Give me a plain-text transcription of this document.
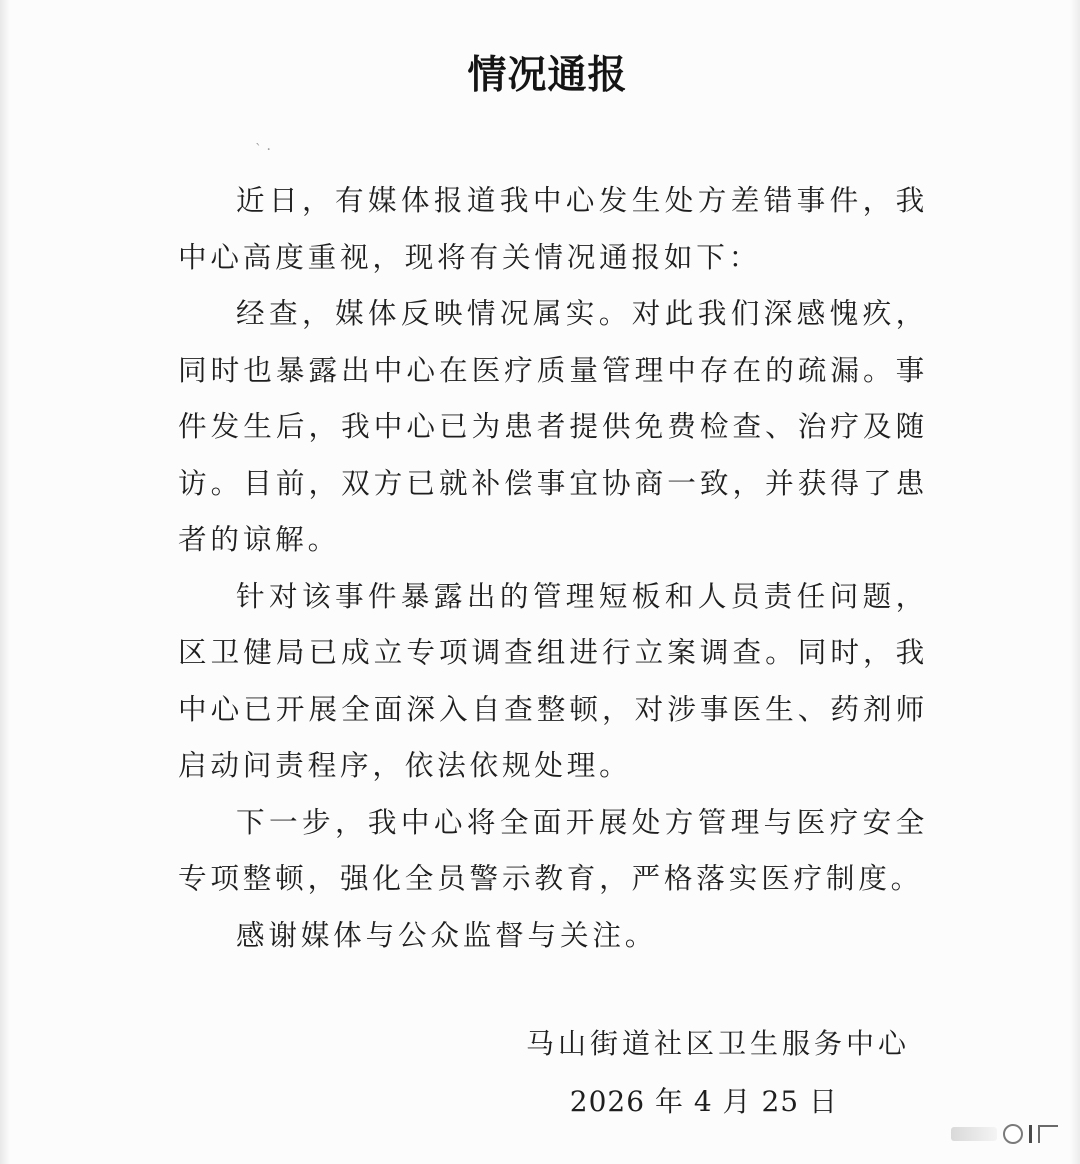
情况通报
ˋ ·

近日，有媒体报道我中心发生处方差错事件，我中心高度重视，现将有关情况通报如下：

经查，媒体反映情况属实。对此我们深感愧疚，同时也暴露出中心在医疗质量管理中存在的疏漏。事件发生后，我中心已为患者提供免费检查、治疗及随访。目前，双方已就补偿事宜协商一致，并获得了患者的谅解。

针对该事件暴露出的管理短板和人员责任问题，区卫健局已成立专项调查组进行立案调查。同时，我中心已开展全面深入自查整顿，对涉事医生、药剂师启动问责程序，依法依规处理。

下一步，我中心将全面开展处方管理与医疗安全专项整顿，强化全员警示教育，严格落实医疗制度。

感谢媒体与公众监督与关注。

马山街道社区卫生服务中心
2026 年 4 月 25 日
